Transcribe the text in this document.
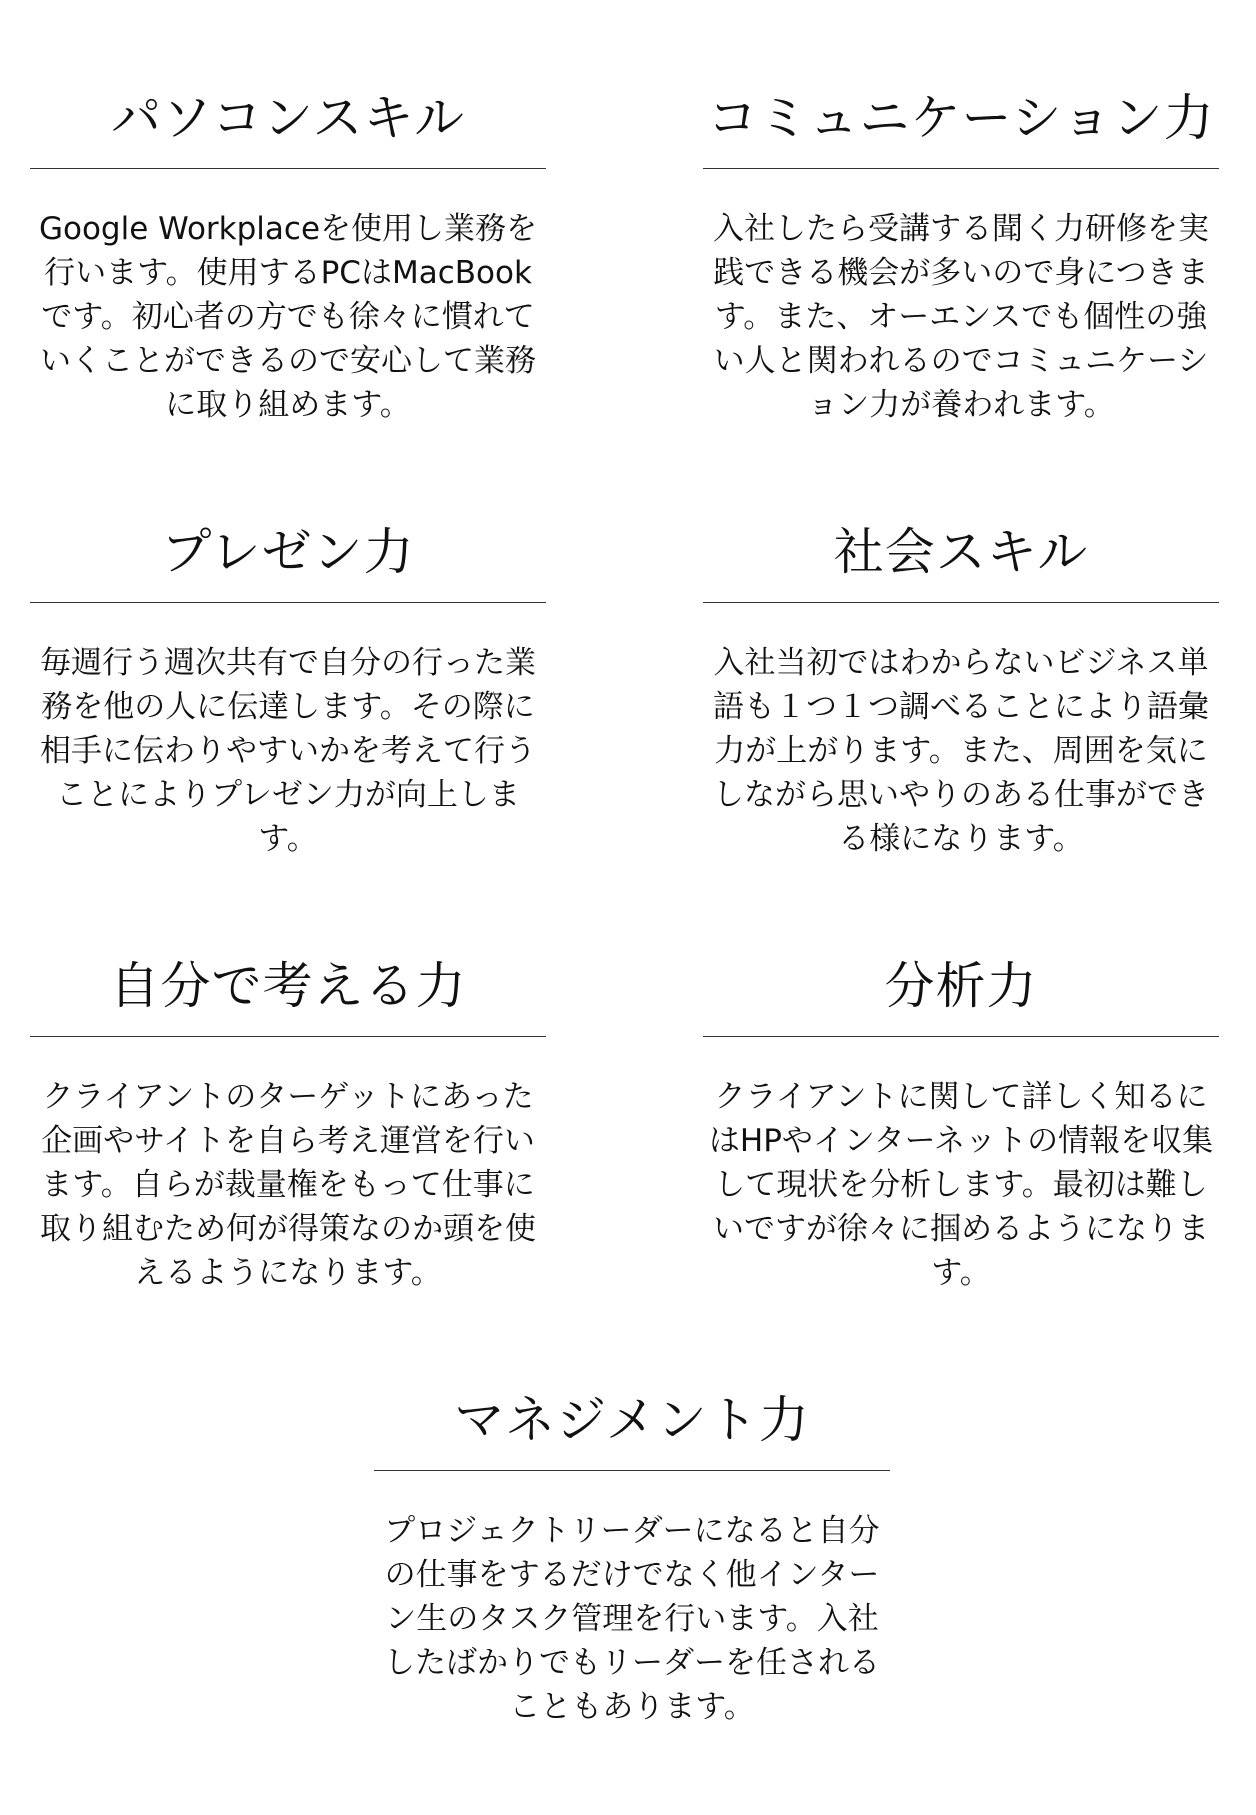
パソコンスキル

Google Workplaceを使用し業務を行います。使用するPCはMacBookです。初心者の方でも徐々に慣れていくことができるので安心して業務に取り組めます。

コミュニケーション力

入社したら受講する聞く力研修を実践できる機会が多いので身につきます。また、オーエンスでも個性の強い人と関われるのでコミュニケーション力が養われます。

プレゼン力

毎週行う週次共有で自分の行った業務を他の人に伝達します。その際に相手に伝わりやすいかを考えて行うことによりプレゼン力が向上します。

社会スキル

入社当初ではわからないビジネス単語も１つ１つ調べることにより語彙力が上がります。また、周囲を気にしながら思いやりのある仕事ができる様になります。

自分で考える力

クライアントのターゲットにあった企画やサイトを自ら考え運営を行います。自らが裁量権をもって仕事に取り組むため何が得策なのか頭を使えるようになります。

分析力

クライアントに関して詳しく知るにはHPやインターネットの情報を収集して現状を分析します。最初は難しいですが徐々に掴めるようになります。

マネジメント力

プロジェクトリーダーになると自分の仕事をするだけでなく他インターン生のタスク管理を行います。入社したばかりでもリーダーを任されることもあります。
